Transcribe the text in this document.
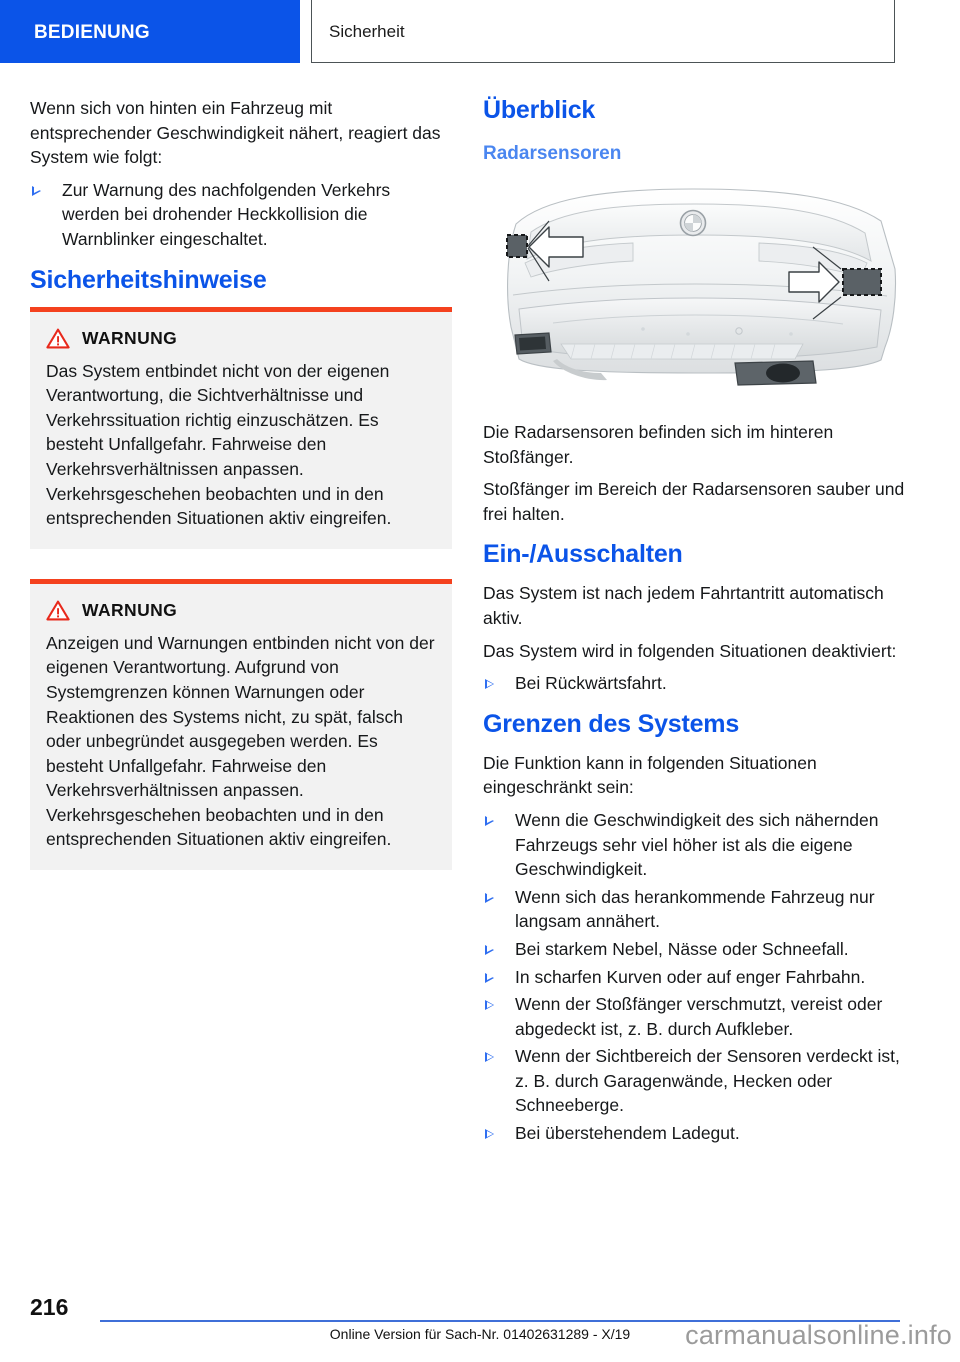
BEDIENUNG	Sicherheit

Wenn sich von hinten ein Fahrzeug mit entsprechender Geschwindigkeit nähert, reagiert das System wie folgt:

Zur Warnung des nachfolgenden Verkehrs werden bei drohender Heckkollision die Warnblinker eingeschaltet.
Sicherheitshinweise
WARNUNG

Das System entbindet nicht von der eigenen Verantwortung, die Sichtverhältnisse und Verkehrssituation richtig einzuschätzen. Es besteht Unfallgefahr. Fahrweise den Verkehrsverhältnissen anpassen. Verkehrsgeschehen beobachten und in den entsprechenden Situationen aktiv eingreifen.

WARNUNG

Anzeigen und Warnungen entbinden nicht von der eigenen Verantwortung. Aufgrund von Systemgrenzen können Warnungen oder Reaktionen des Systems nicht, zu spät, falsch oder unbegründet ausgegeben werden. Es besteht Unfallgefahr. Fahrweise den Verkehrsverhältnissen anpassen. Verkehrsgeschehen beobachten und in den entsprechenden Situationen aktiv eingreifen.

Überblick
Radarsensoren

Die Radarsensoren befinden sich im hinteren Stoßfänger.

Stoßfänger im Bereich der Radarsensoren sauber und frei halten.

Ein-/Ausschalten

Das System ist nach jedem Fahrtantritt automatisch aktiv.

Das System wird in folgenden Situationen deaktiviert:

Bei Rückwärtsfahrt.
Grenzen des Systems

Die Funktion kann in folgenden Situationen eingeschränkt sein:

Wenn die Geschwindigkeit des sich nähernden Fahrzeugs sehr viel höher ist als die eigene Geschwindigkeit.
Wenn sich das herankommende Fahrzeug nur langsam annähert.
Bei starkem Nebel, Nässe oder Schneefall.
In scharfen Kurven oder auf enger Fahrbahn.
Wenn der Stoßfänger verschmutzt, vereist oder abgedeckt ist, z. B. durch Aufkleber.
Wenn der Sichtbereich der Sensoren verdeckt ist, z. B. durch Garagenwände, Hecken oder Schneeberge.
Bei überstehendem Ladegut.
216
Online Version für Sach-Nr. 01402631289 - X/19	carmanualsonline.info
